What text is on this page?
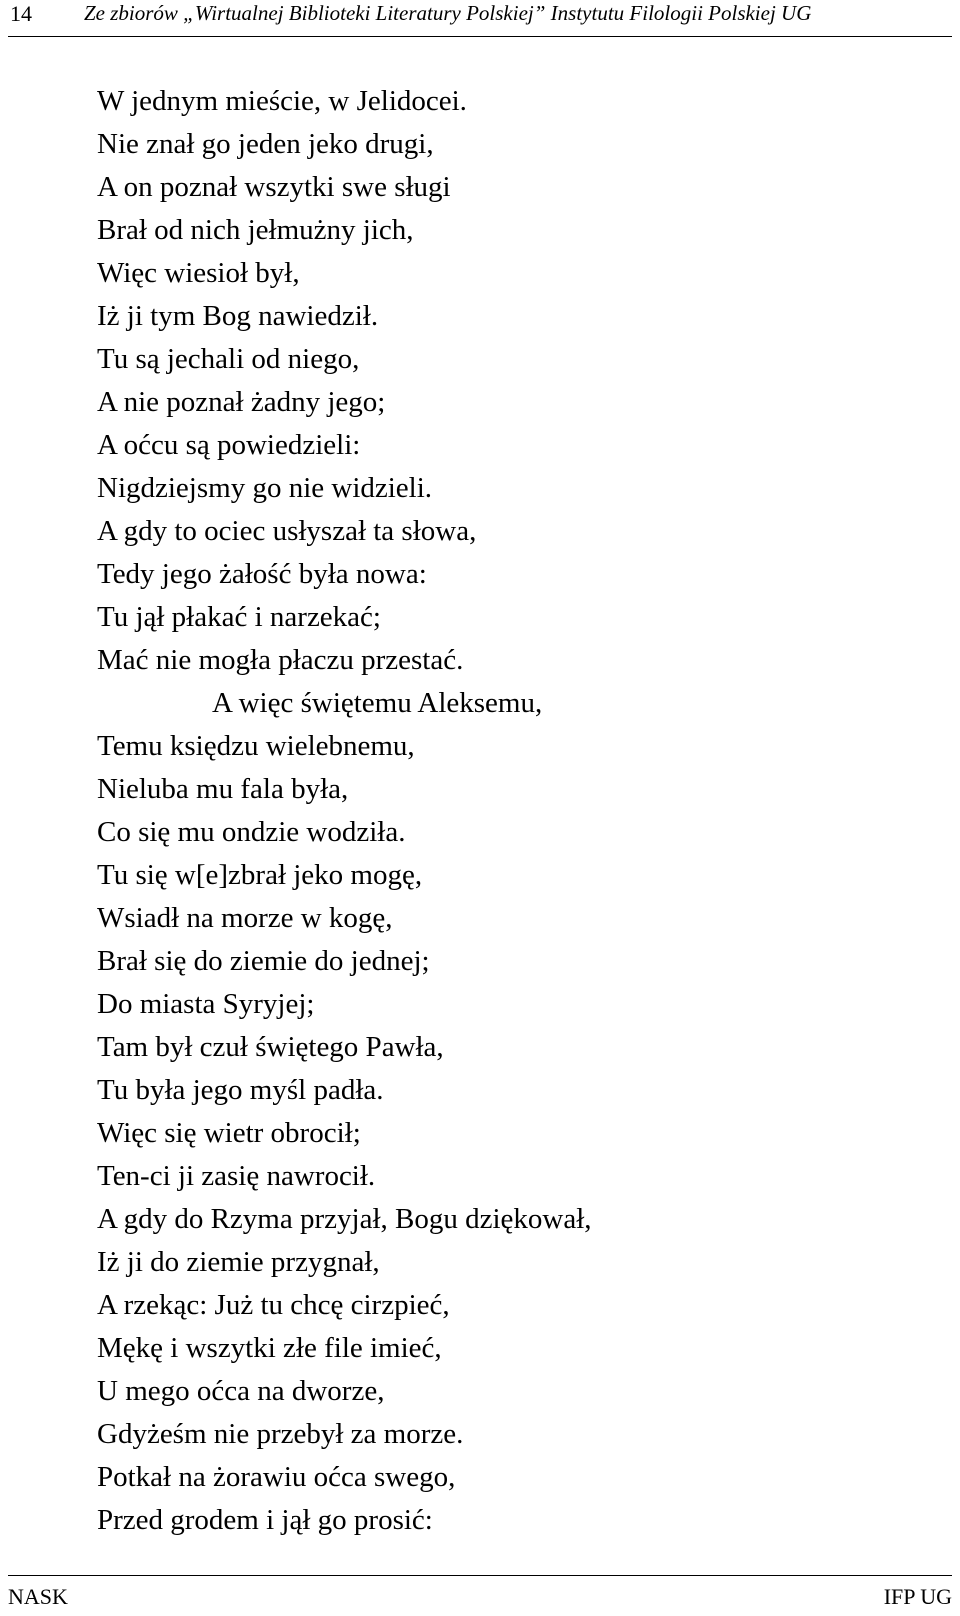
14 Ze zbiorów „Wirtualnej Biblioteki Literatury Polskiej” Instytutu Filologii Polskiej UG
W jednym mieście, w Jelidocei.
Nie znał go jeden jeko drugi,
A on poznał wszytki swe sługi
Brał od nich jełmużny jich,
Więc wiesioł był,
Iż ji tym Bog nawiedził.
Tu są jechali od niego,
A nie poznał żadny jego;
A oćcu są powiedzieli:
Nigdziejsmy go nie widzieli.
A gdy to ociec usłyszał ta słowa,
Tedy jego żałość była nowa:
Tu jął płakać i narzekać;
Mać nie mogła płaczu przestać.
A więc świętemu Aleksemu,
Temu księdzu wielebnemu,
Nieluba mu fala była,
Co się mu ondzie wodziła.
Tu się w[e]zbrał jeko mogę,
Wsiadł na morze w kogę,
Brał się do ziemie do jednej;
Do miasta Syryjej;
Tam był czuł świętego Pawła,
Tu była jego myśl padła.
Więc się wietr obrocił;
Ten-ci ji zasię nawrocił.
A gdy do Rzyma przyjał, Bogu dziękował,
Iż ji do ziemie przygnał,
A rzekąc: Już tu chcę cirzpieć,
Mękę i wszytki złe file imieć,
U mego oćca na dworze,
Gdyżeśm nie przebył za morze.
Potkał na żorawiu oćca swego,
Przed grodem i jął go prosić:
NASK	IFP UG
